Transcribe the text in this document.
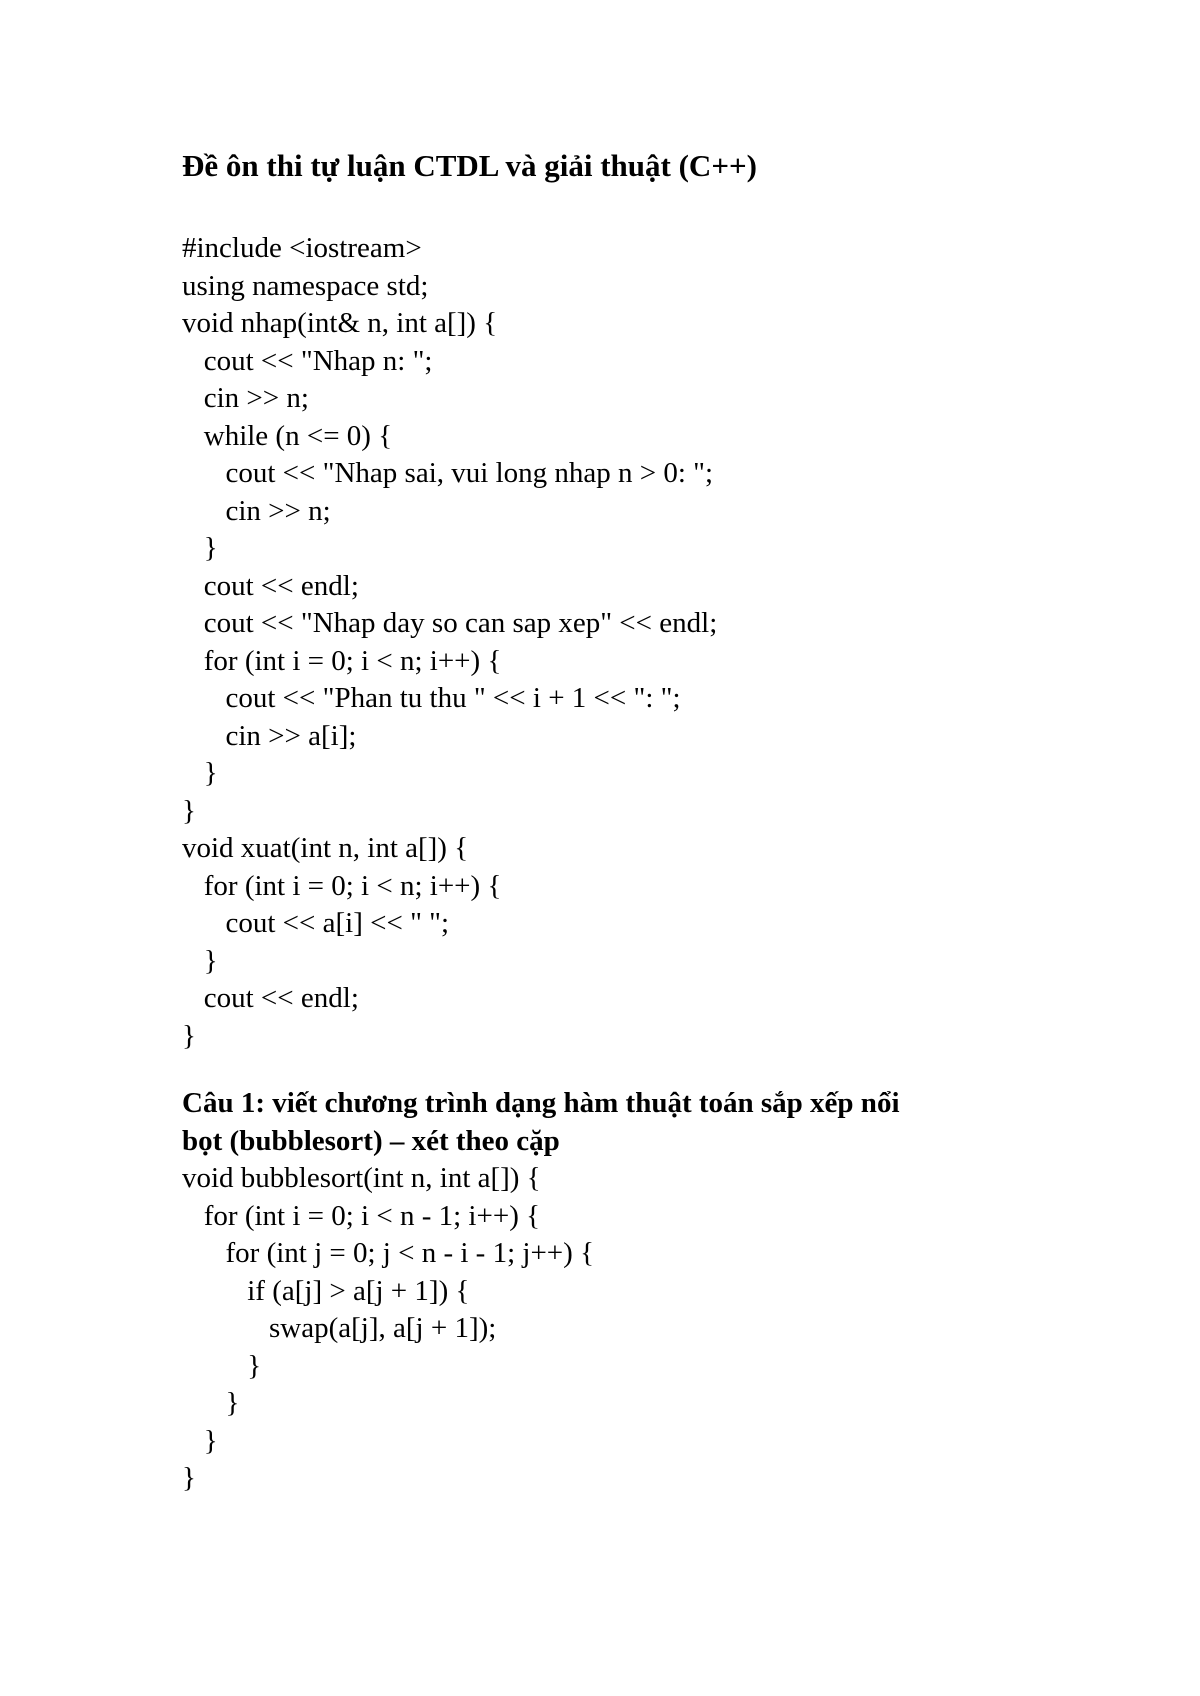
Đề ôn thi tự luận CTDL và giải thuật (C++)
#include <iostream>
using namespace std;
void nhap(int& n, int a[]) {
cout << "Nhap n: ";
cin >> n;
while (n <= 0) {
cout << "Nhap sai, vui long nhap n > 0: ";
cin >> n;
}
cout << endl;
cout << "Nhap day so can sap xep" << endl;
for (int i = 0; i < n; i++) {
cout << "Phan tu thu " << i + 1 << ": ";
cin >> a[i];
}
}
void xuat(int n, int a[]) {
for (int i = 0; i < n; i++) {
cout << a[i] << " ";
}
cout << endl;
}
Câu 1: viết chương trình dạng hàm thuật toán sắp xếp nổi
bọt (bubblesort) – xét theo cặp
void bubblesort(int n, int a[]) {
for (int i = 0; i < n - 1; i++) {
for (int j = 0; j < n - i - 1; j++) {
if (a[j] > a[j + 1]) {
swap(a[j], a[j + 1]);
}
}
}
}
